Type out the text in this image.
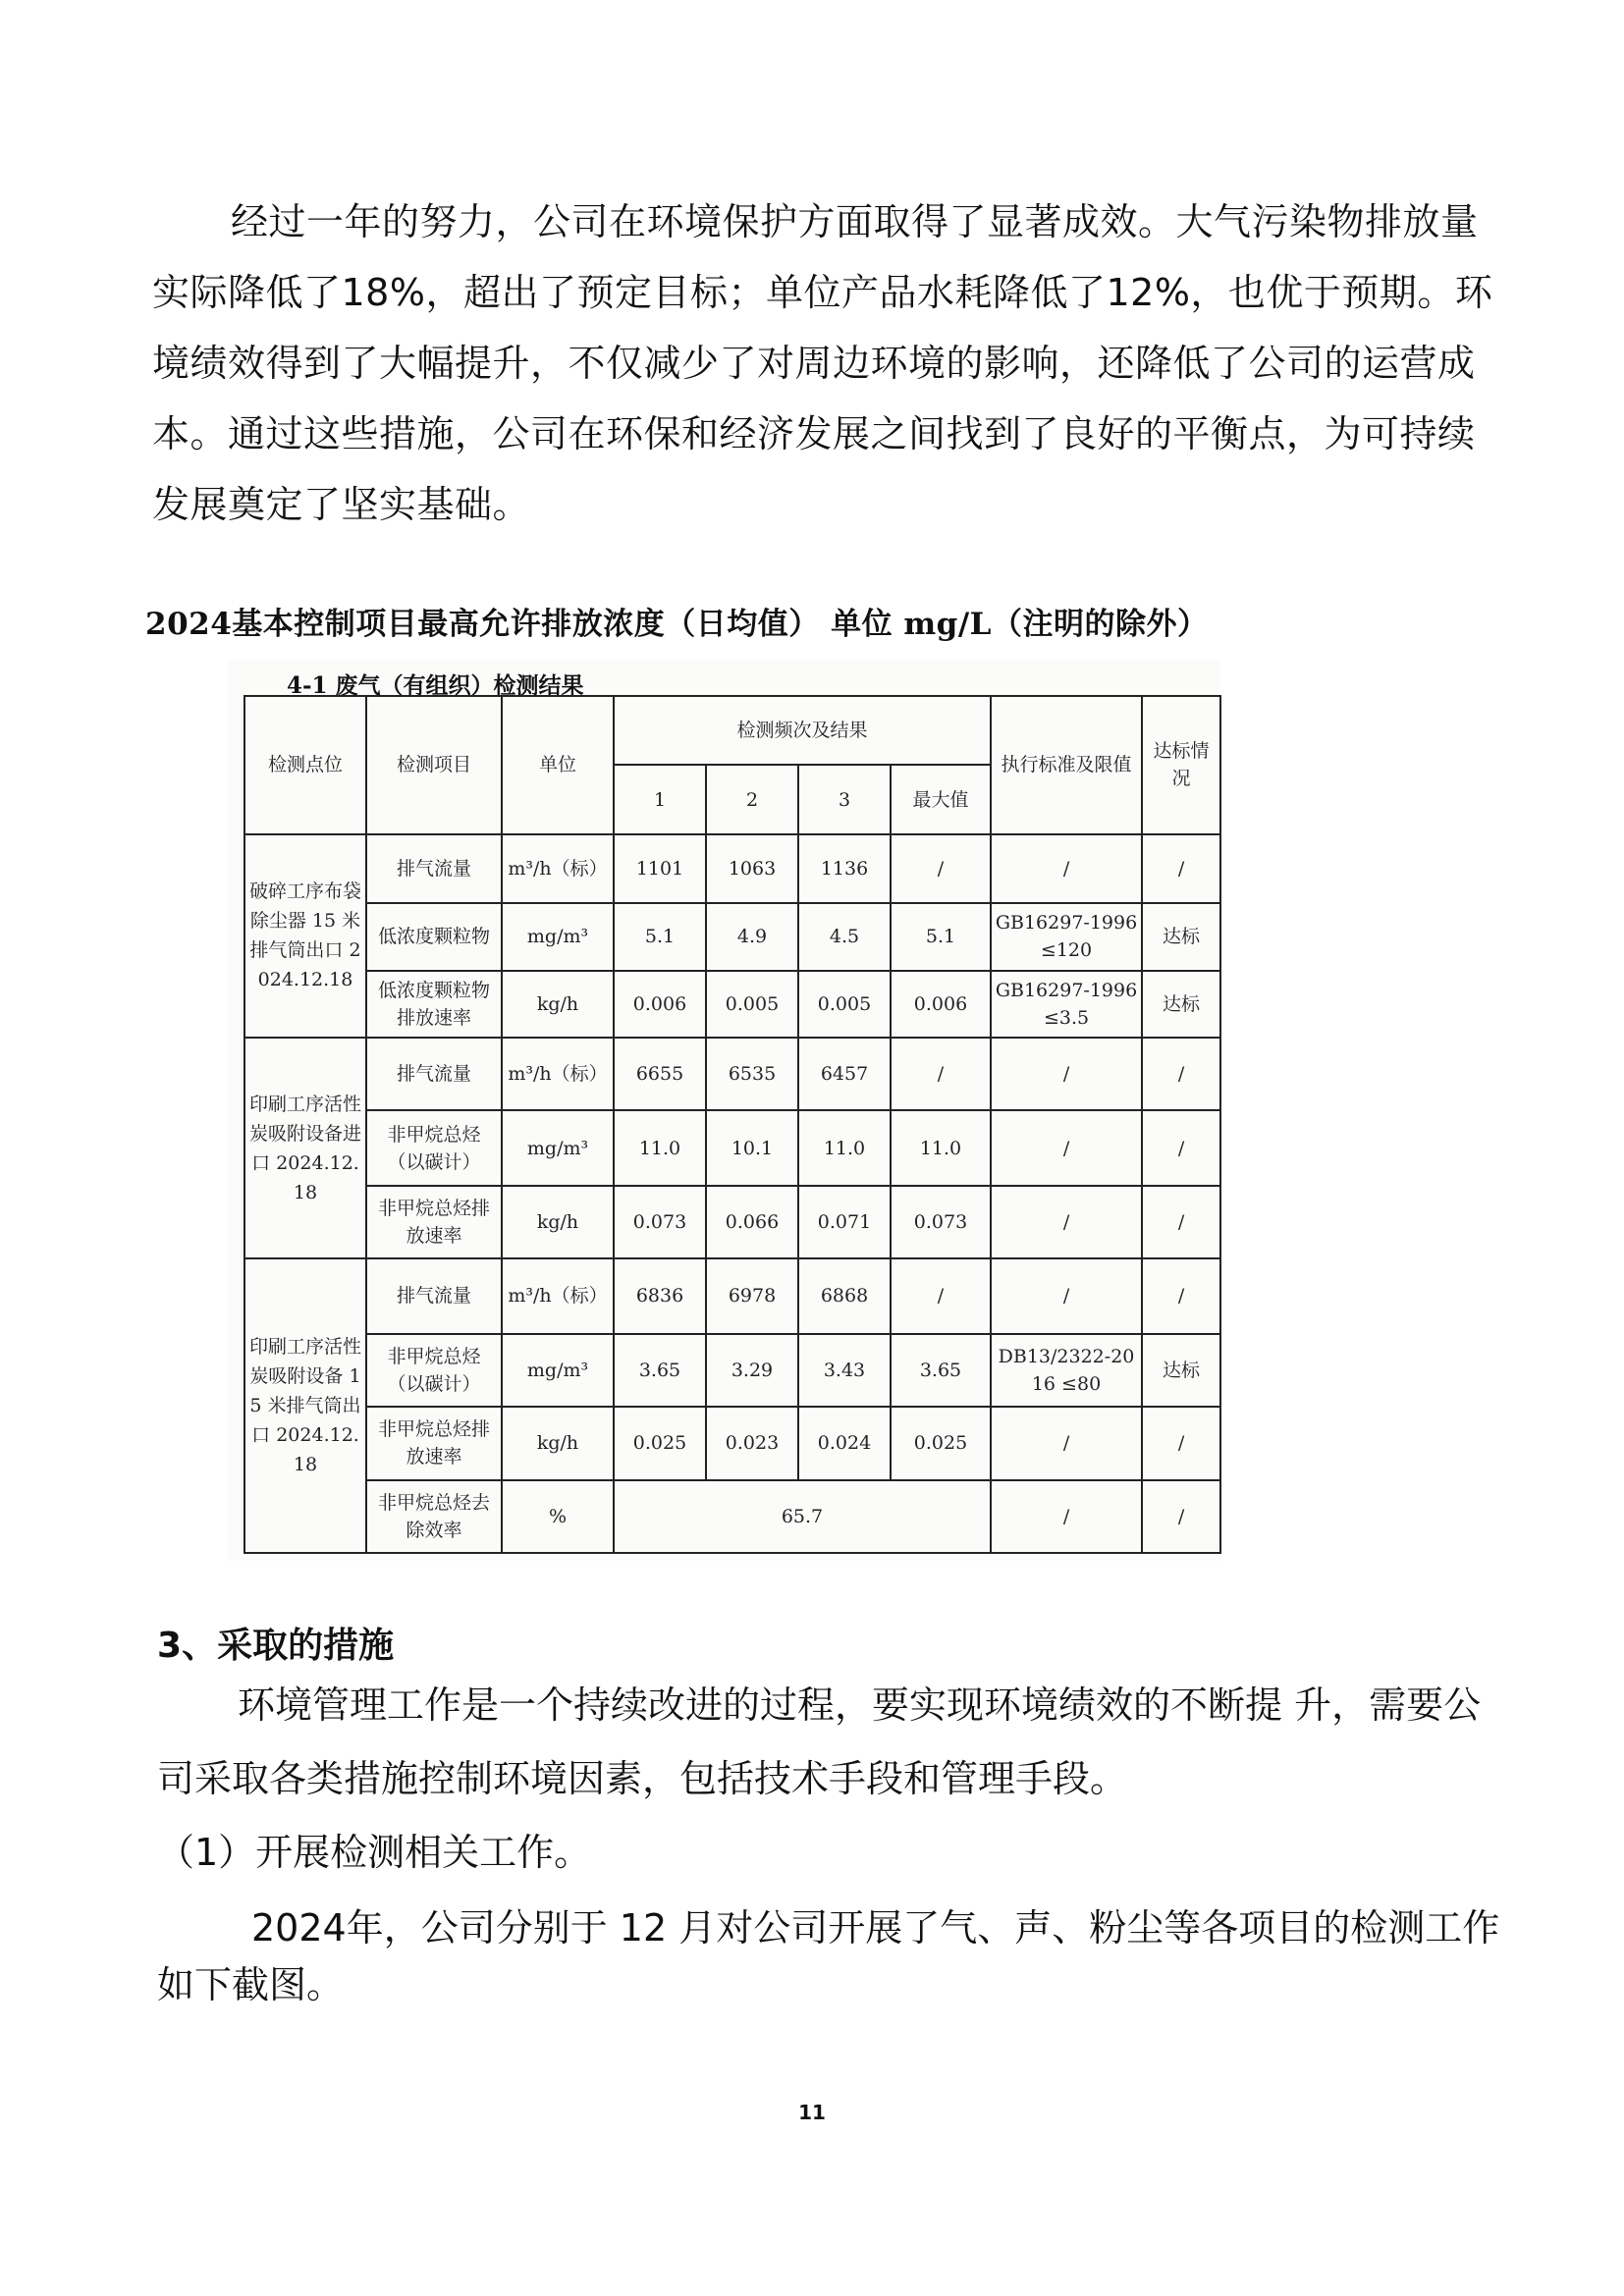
经过一年的努力，公司在环境保护方面取得了显著成效。大气污染物排放量实际降低了18%，超出了预定目标；单位产品水耗降低了12%，也优于预期。环境绩效得到了大幅提升，不仅减少了对周边环境的影响，还降低了公司的运营成本。通过这些措施，公司在环保和经济发展之间找到了良好的平衡点，为可持续发展奠定了坚实基础。

2024基本控制项目最高允许排放浓度（日均值） 单位 mg/L（注明的除外）
4-1 废气（有组织）检测结果
检测点位	检测项目	单位	检测频次及结果				执行标准及限值	达标情况
			1	2	3	最大值		
破碎工序布袋除尘器 15 米排气筒出口 2024.12.18	排气流量	m³/h（标）	1101	1063	1136	/	/	/
	低浓度颗粒物	mg/m³	5.1	4.9	4.5	5.1	GB16297-1996 ≤120	达标
	低浓度颗粒物排放速率	kg/h	0.006	0.005	0.005	0.006	GB16297-1996 ≤3.5	达标
印刷工序活性炭吸附设备进口 2024.12.18	排气流量	m³/h（标）	6655	6535	6457	/	/	/
	非甲烷总烃（以碳计）	mg/m³	11.0	10.1	11.0	11.0	/	/
	非甲烷总烃排放速率	kg/h	0.073	0.066	0.071	0.073	/	/
印刷工序活性炭吸附设备 15 米排气筒出口 2024.12.18	排气流量	m³/h（标）	6836	6978	6868	/	/	/
	非甲烷总烃（以碳计）	mg/m³	3.65	3.29	3.43	3.65	DB13/2322-2016 ≤80	达标
	非甲烷总烃排放速率	kg/h	0.025	0.023	0.024	0.025	/	/
	非甲烷总烃去除效率	%	65.7				/	/
3、采取的措施

环境管理工作是一个持续改进的过程，要实现环境绩效的不断提 升，需要公司采取各类措施控制环境因素，包括技术手段和管理手段。

（1）开展检测相关工作。

2024年，公司分别于 12 月对公司开展了气、声、粉尘等各项目的检测工作如下截图。

11
